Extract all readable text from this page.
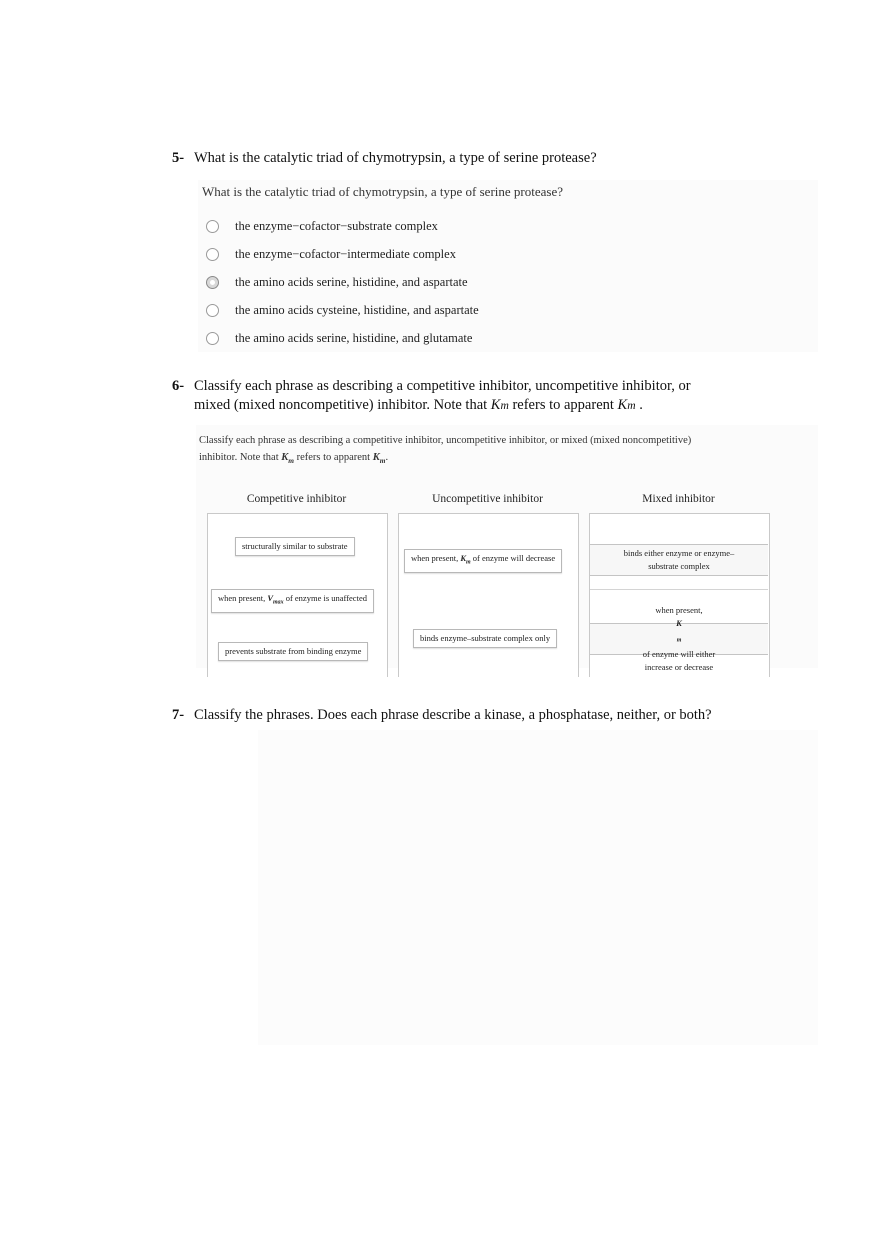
5- What is the catalytic triad of chymotrypsin, a type of serine protease?
What is the catalytic triad of chymotrypsin, a type of serine protease?
the enzyme−cofactor−substrate complex
the enzyme−cofactor−intermediate complex
the amino acids serine, histidine, and aspartate
the amino acids cysteine, histidine, and aspartate
the amino acids serine, histidine, and glutamate
6- Classify each phrase as describing a competitive inhibitor, uncompetitive inhibitor, or
mixed (mixed noncompetitive) inhibitor. Note that Km refers to apparent Km .
Classify each phrase as describing a competitive inhibitor, uncompetitive inhibitor, or mixed (mixed noncompetitive)
inhibitor. Note that $K_m$ refers to apparent $K_m$.
Competitive inhibitor	Uncompetitive inhibitor	Mixed inhibitor
structurally similar to substrate
when present, $V_{max}$ of enzyme is unaffected
prevents substrate from binding enzyme
when present, $K_m$ of enzyme will decrease
binds enzyme–substrate complex only
binds either enzyme or enzyme–
substrate complex
when present,
K
$_m$
of enzyme will either
increase or decrease
7- Classify the phrases. Does each phrase describe a kinase, a phosphatase, neither, or both?
